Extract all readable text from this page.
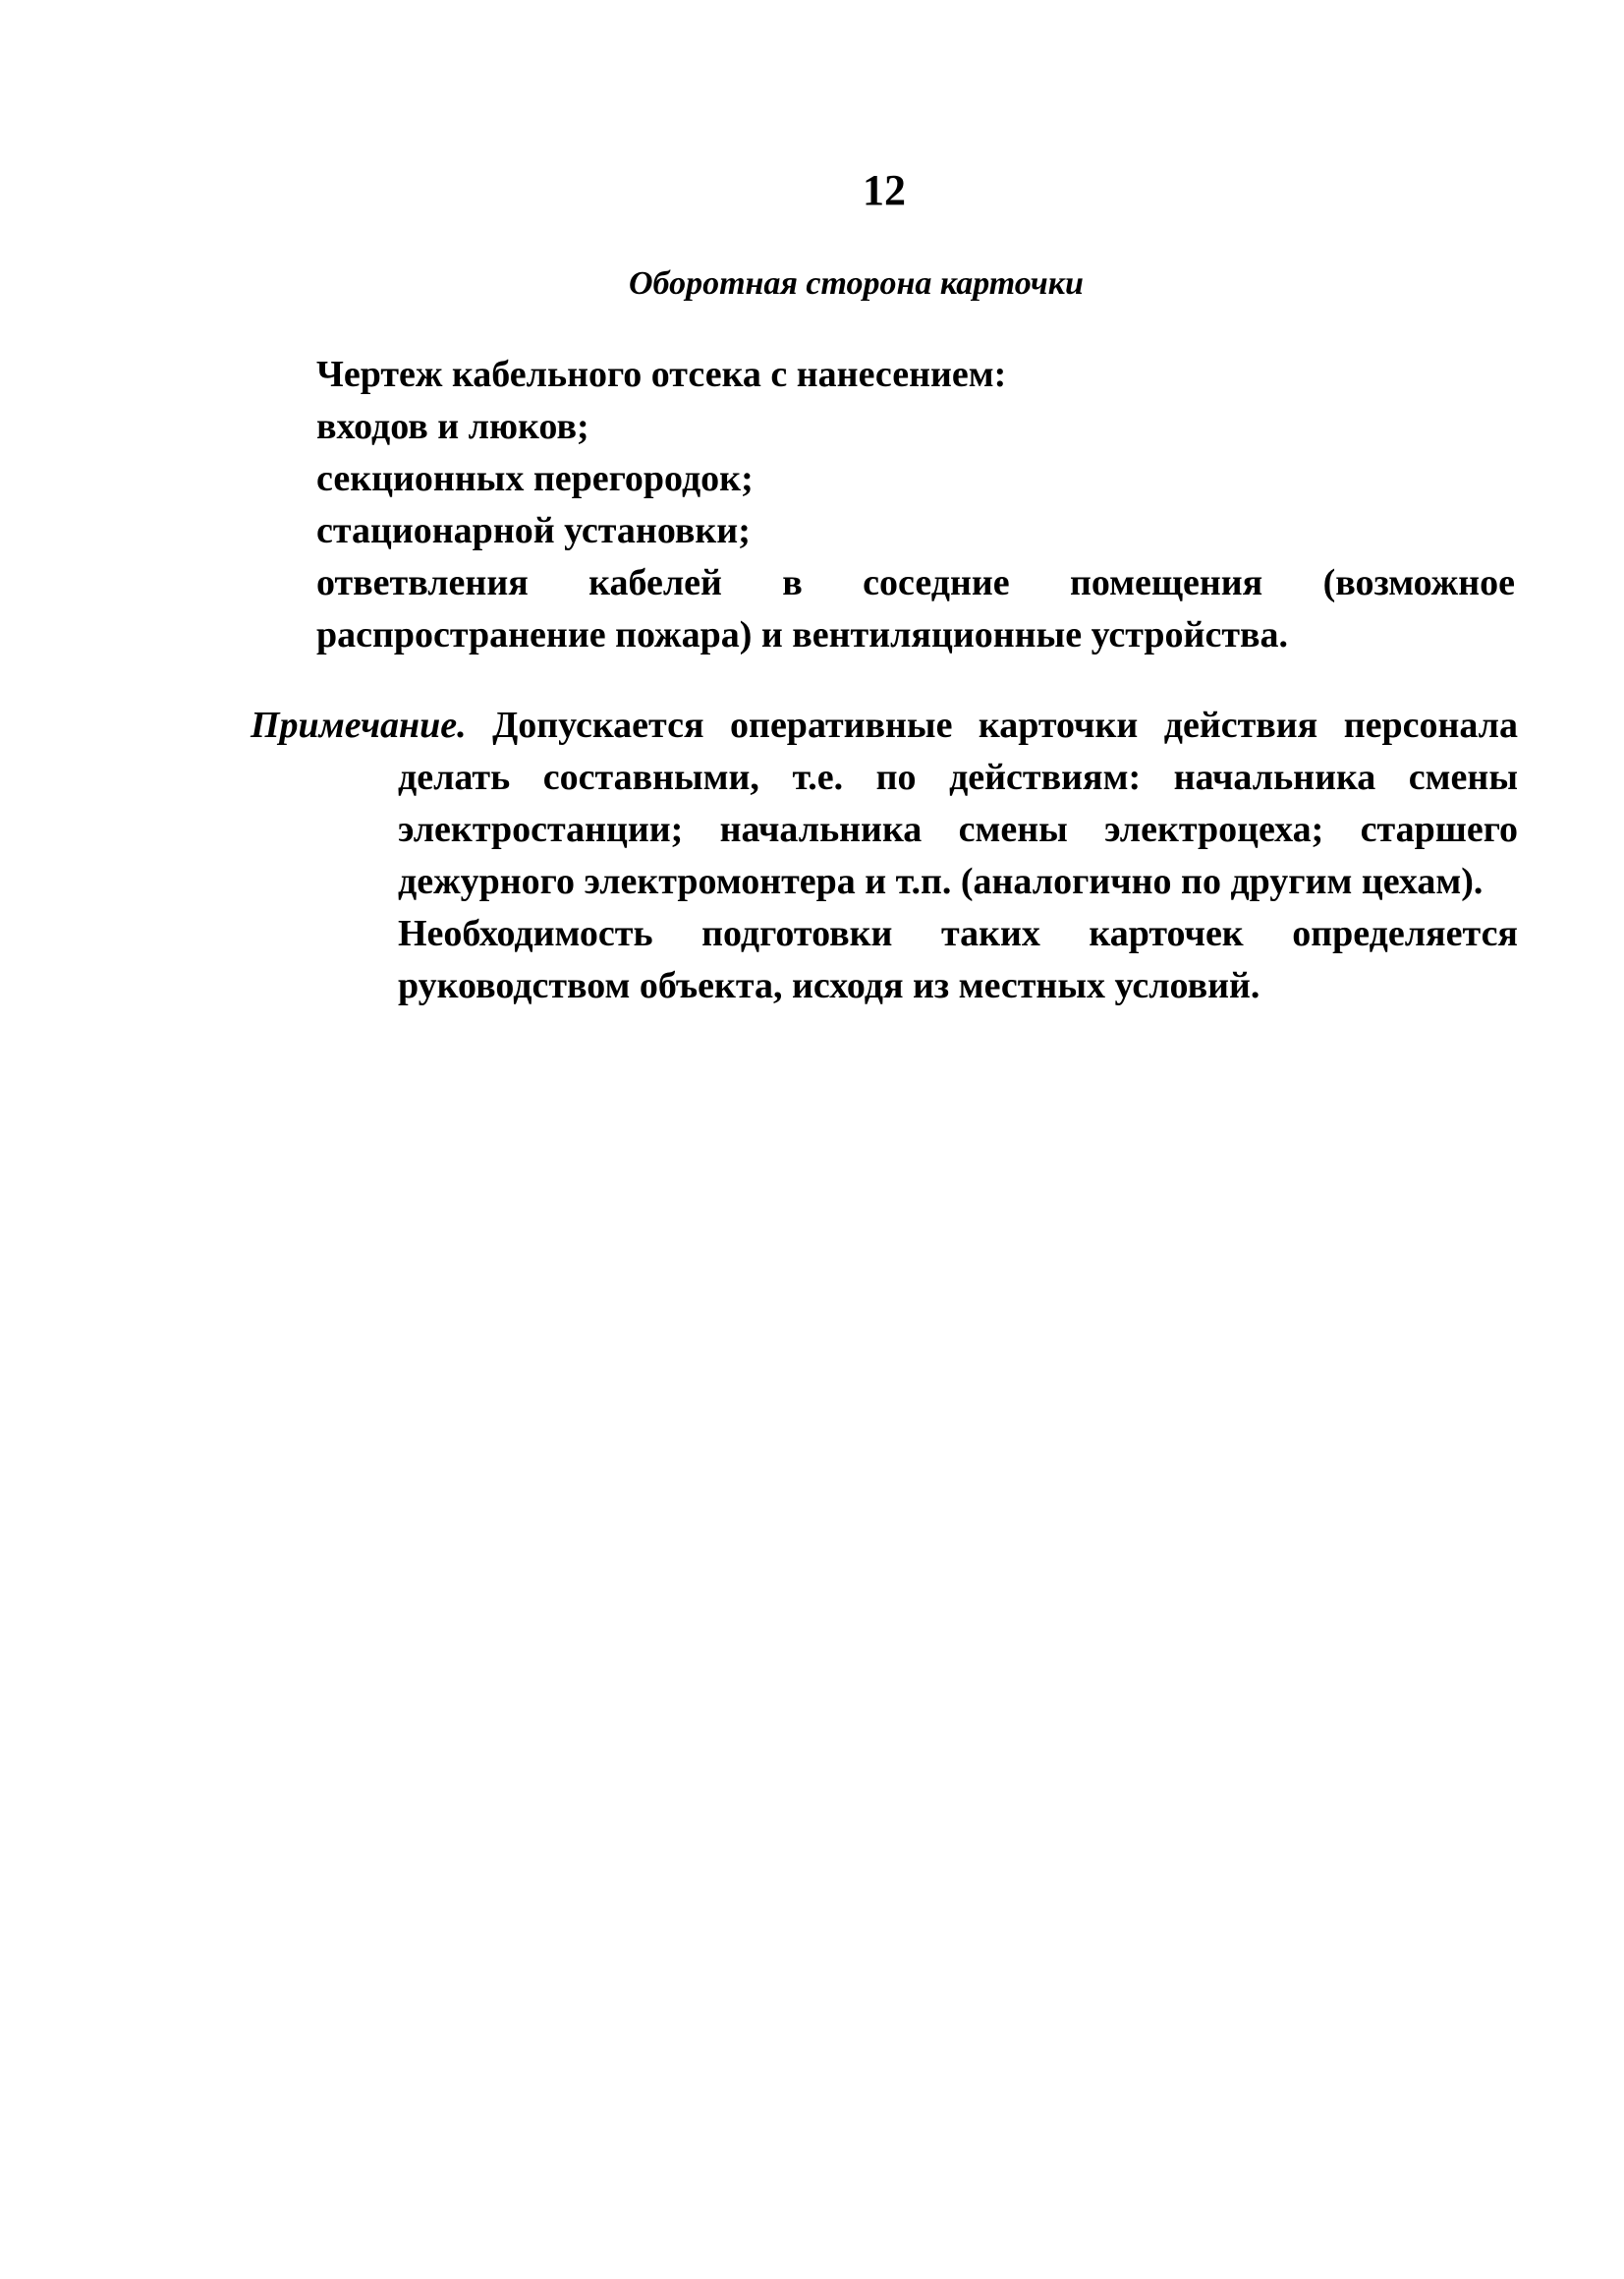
12
Оборотная сторона карточки
Чертеж кабельного отсека с нанесением:
входов и люков;
секционных перегородок;
стационарной установки;
ответвления кабелей в соседние помещения (возможное распространение пожара) и вентиляционные устройства.

Примечание. Допускается оперативные карточки действия персонала делать составными, т.е. по действиям: начальника смены электростанции; начальника смены электроцеха; старшего дежурного электромонтера и т.п. (аналогично по другим цехам).

Необходимость подготовки таких карточек определяется руководством объекта, исходя из местных условий.
